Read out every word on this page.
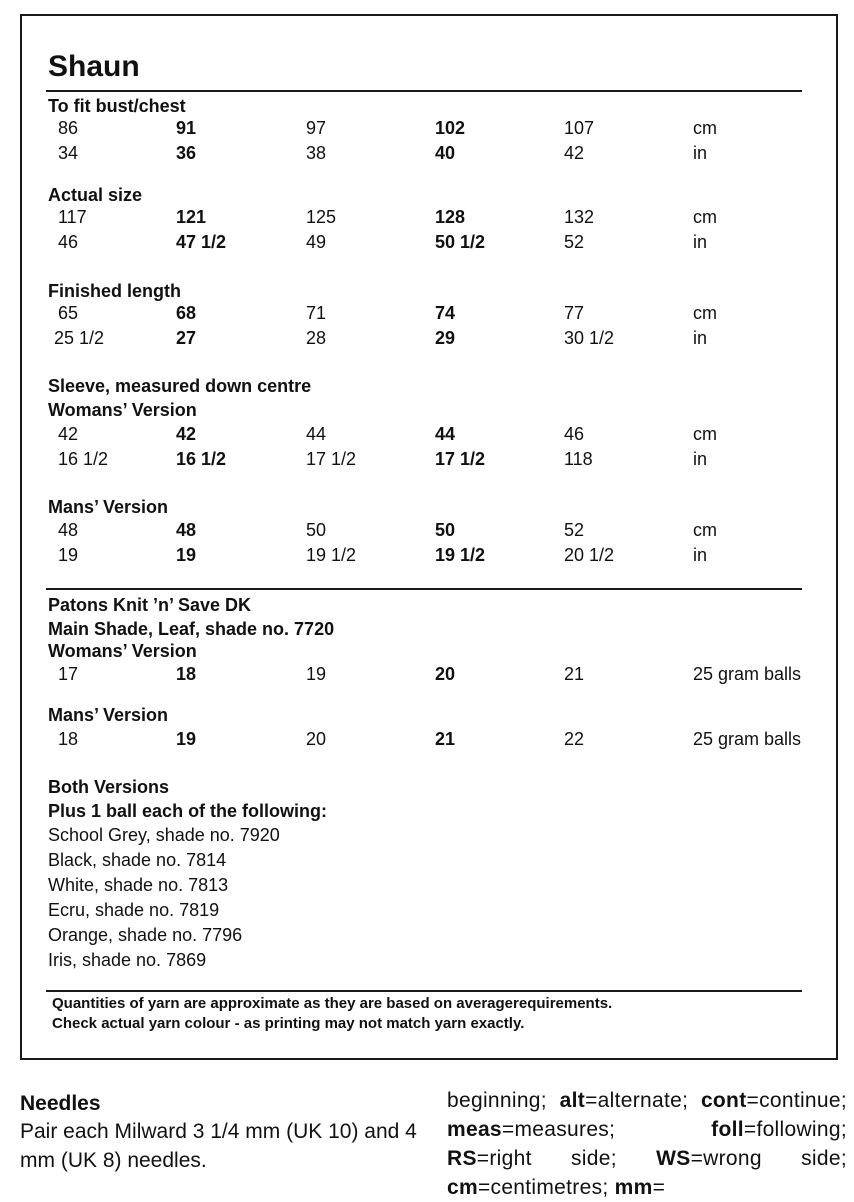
Shaun
To fit bust/chest
86	91	97	102	107	cm
34	36	38	40	42	in
Actual size
117	121	125	128	132	cm
46	47 1/2	49	50 1/2	52	in
Finished length
65	68	71	74	77	cm
25 1/2	27	28	29	30 1/2	in
Sleeve, measured down centre
Womans’ Version
42	42	44	44	46	cm
16 1/2	16 1/2	17 1/2	17 1/2	118	in
Mans’ Version
48	48	50	50	52	cm
19	19	19 1/2	19 1/2	20 1/2	in
Patons Knit ’n’ Save DK
Main Shade, Leaf, shade no. 7720
Womans’ Version
17	18	19	20	21	25 gram balls
Mans’ Version
18	19	20	21	22	25 gram balls
Both Versions
Plus 1 ball each of the following:
School Grey, shade no. 7920
Black, shade no. 7814
White, shade no. 7813
Ecru, shade no. 7819
Orange, shade no. 7796
Iris, shade no. 7869
Quantities of yarn are approximate as they are based on averagerequirements.
Check actual yarn colour - as printing may not match yarn exactly.
Needles
Pair each Milward 3 1/4 mm (UK 10) and 4 mm (UK 8) needles.
beginning; alt=alternate; cont=continue; meas=measures;	foll=following; RS=right side; WS=wrong side; cm=centimetres; mm=
